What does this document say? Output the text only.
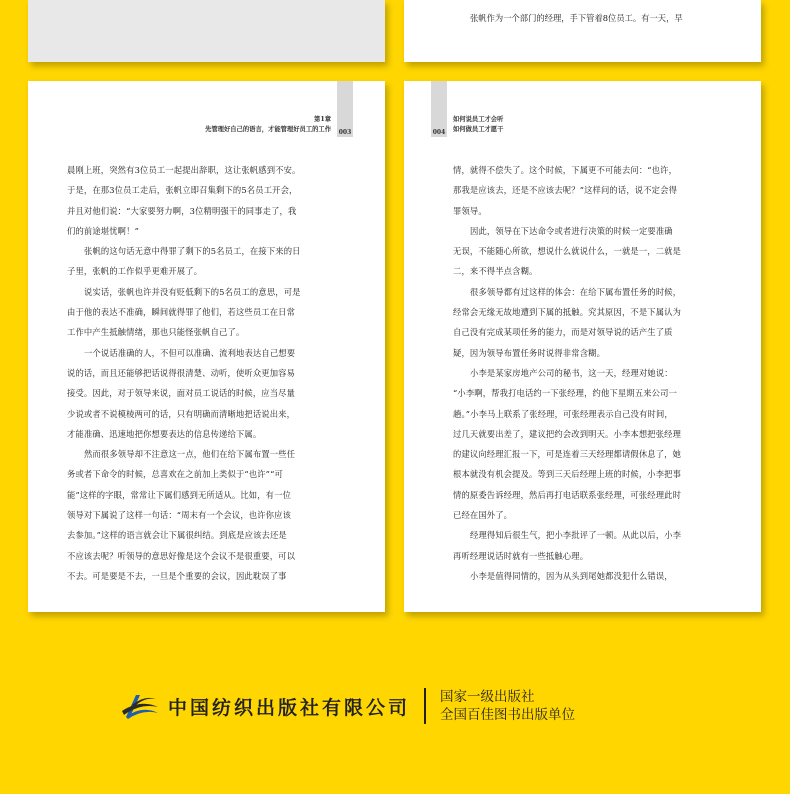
张帆作为一个部门的经理，手下管着8位员工。有一天，早
003
第1章
先管理好自己的语言，才能管理好员工的工作
晨刚上班，突然有3位员工一起提出辞职，这让张帆感到不安。
于是，在那3位员工走后，张帆立即召集剩下的5名员工开会，
并且对他们说：“大家要努力啊，3位精明强干的同事走了，我
们的前途堪忧啊！”
张帆的这句话无意中得罪了剩下的5名员工，在接下来的日
子里，张帆的工作似乎更难开展了。
说实话，张帆也许并没有贬低剩下的5名员工的意思，可是
由于他的表达不准确，瞬间就得罪了他们，若这些员工在日常
工作中产生抵触情绪，那也只能怪张帆自己了。
一个说话准确的人，不但可以准确、流利地表达自己想要
说的话，而且还能够把话说得很清楚、动听，使听众更加容易
接受。因此，对于领导来说，面对员工说话的时候，应当尽量
少说或者不说模棱两可的话，只有明确而清晰地把话说出来，
才能准确、迅速地把你想要表达的信息传递给下属。
然而很多领导却不注意这一点，他们在给下属布置一些任
务或者下命令的时候，总喜欢在之前加上类似于“也许”“可
能”这样的字眼，常常让下属们感到无所适从。比如，有一位
领导对下属说了这样一句话：“周末有一个会议，也许你应该
去参加。”这样的语言就会让下属很纠结。到底是应该去还是
不应该去呢？听领导的意思好像是这个会议不是很重要，可以
不去。可是要是不去，一旦是个重要的会议，因此耽误了事
004
如何说员工才会听
如何做员工才愿干
情，就得不偿失了。这个时候，下属更不可能去问：“也许，
那我是应该去，还是不应该去呢？”这样问的话，说不定会得
罪领导。
因此，领导在下达命令或者进行决策的时候一定要准确
无误，不能随心所欲，想说什么就说什么，一就是一，二就是
二，来不得半点含糊。
很多领导都有过这样的体会：在给下属布置任务的时候，
经常会无缘无故地遭到下属的抵触。究其原因，不是下属认为
自己没有完成某项任务的能力，而是对领导说的话产生了质
疑，因为领导布置任务时说得非常含糊。
小李是某家房地产公司的秘书，这一天，经理对她说：
“小李啊，帮我打电话约一下张经理，约他下星期五来公司一
趟。”小李马上联系了张经理，可张经理表示自己没有时间，
过几天就要出差了，建议把约会改到明天。小李本想把张经理
的建议向经理汇报一下，可是连着三天经理都请假休息了，她
根本就没有机会提及。等到三天后经理上班的时候，小李把事
情的原委告诉经理，然后再打电话联系张经理，可张经理此时
已经在国外了。
经理得知后很生气，把小李批评了一顿。从此以后，小李
再听经理说话时就有一些抵触心理。
小李是值得同情的，因为从头到尾她都没犯什么错误，
中国纺织出版社有限公司 国家一级出版社
全国百佳图书出版单位
